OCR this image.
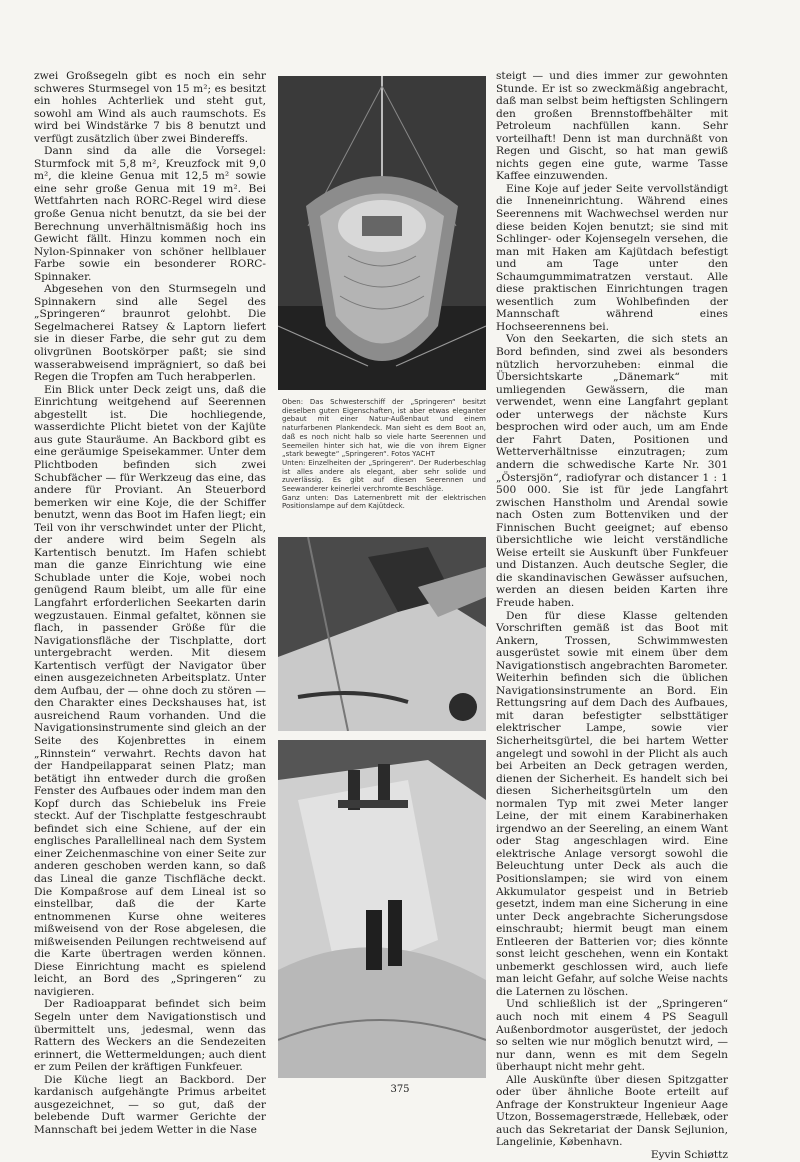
zwei Großsegeln gibt es noch ein sehr schweres Sturmsegel von 15 m²; es besitzt ein hohles Achterliek und steht gut, sowohl am Wind als auch raumschots. Es wird bei Windstärke 7 bis 8 benutzt und verfügt zusätzlich über zwei Bindereffs.

Dann sind da alle die Vorsegel: Sturmfock mit 5,8 m², Kreuzfock mit 9,0 m², die kleine Genua mit 12,5 m² sowie eine sehr große Genua mit 19 m². Bei Wettfahrten nach RORC-Regel wird diese große Genua nicht benutzt, da sie bei der Berechnung unverhältnismäßig hoch ins Gewicht fällt. Hinzu kommen noch ein Nylon-Spinnaker von schöner hellblauer Farbe sowie ein besonderer RORC-Spinnaker.

Abgesehen von den Sturmsegeln und Spinnakern sind alle Segel des „Springeren“ braunrot gelohbt. Die Segelmacherei Ratsey & Laptorn liefert sie in dieser Farbe, die sehr gut zu dem olivgrünen Bootskörper paßt; sie sind wasserabweisend imprägniert, so daß bei Regen die Tropfen am Tuch herabperlen.

Ein Blick unter Deck zeigt uns, daß die Einrichtung weitgehend auf Seerennen abgestellt ist. Die hochliegende, wasserdichte Plicht bietet von der Kajüte aus gute Stauräume. An Backbord gibt es eine geräumige Speisekammer. Unter dem Plichtboden befinden sich zwei Schubfächer — für Werkzeug das eine, das andere für Proviant. An Steuerbord bemerken wir eine Koje, die der Schiffer benutzt, wenn das Boot im Hafen liegt; ein Teil von ihr verschwindet unter der Plicht, der andere wird beim Segeln als Kartentisch benutzt. Im Hafen schiebt man die ganze Einrichtung wie eine Schublade unter die Koje, wobei noch genügend Raum bleibt, um alle für eine Langfahrt erforderlichen Seekarten darin wegzustauen. Einmal gefaltet, können sie flach, in passender Größe für die Navigationsfläche der Tischplatte, dort untergebracht werden. Mit diesem Kartentisch verfügt der Navigator über einen ausgezeichneten Arbeitsplatz. Unter dem Aufbau, der — ohne doch zu stören — den Charakter eines Deckshauses hat, ist ausreichend Raum vorhanden. Und die Navigationsinstrumente sind gleich an der Seite des Kojenbrettes in einem „Rinnstein“ verwahrt. Rechts davon hat der Handpeilapparat seinen Platz; man betätigt ihn entweder durch die großen Fenster des Aufbaues oder indem man den Kopf durch das Schiebeluk ins Freie steckt. Auf der Tischplatte festgeschraubt befindet sich eine Schiene, auf der ein englisches Parallellineal nach dem System einer Zeichenmaschine von einer Seite zur anderen geschoben werden kann, so daß das Lineal die ganze Tischfläche deckt. Die Kompaßrose auf dem Lineal ist so einstellbar, daß die der Karte entnommenen Kurse ohne weiteres mißweisend von der Rose abgelesen, die mißweisenden Peilungen rechtweisend auf die Karte übertragen werden können. Diese Einrichtung macht es spielend leicht, an Bord des „Springeren“ zu navigieren.

Der Radioapparat befindet sich beim Segeln unter dem Navigationstisch und übermittelt uns, jedesmal, wenn das Rattern des Weckers an die Sendezeiten erinnert, die Wettermeldungen; auch dient er zum Peilen der kräftigen Funkfeuer.

Die Küche liegt an Backbord. Der kardanisch aufgehängte Primus arbeitet ausgezeichnet, — so gut, daß der belebende Duft warmer Gerichte der Mannschaft bei jedem Wetter in die Nase

Oben: Das Schwesterschiff der „Springeren“ besitzt dieselben guten Eigenschaften, ist aber etwas eleganter gebaut mit einer Natur-Außenbaut und einem naturfarbenen Plankendeck. Man sieht es dem Boot an, daß es noch nicht halb so viele harte Seerennen und Seemeilen hinter sich hat, wie die von ihrem Eigner „stark bewegte“ „Springeren“. Fotos YACHT

Unten: Einzelheiten der „Springeren“. Der Ruderbeschlag ist alles andere als elegant, aber sehr solide und zuverlässig. Es gibt auf diesen Seerennen und Seewanderer keinerlei verchromte Beschläge.

Ganz unten: Das Laternenbrett mit der elektrischen Positionslampe auf dem Kajütdeck.

steigt — und dies immer zur gewohnten Stunde. Er ist so zweckmäßig angebracht, daß man selbst beim heftigsten Schlingern den großen Brennstoffbehälter mit Petroleum nachfüllen kann. Sehr vorteilhaft! Denn ist man durchnäßt von Regen und Gischt, so hat man gewiß nichts gegen eine gute, warme Tasse Kaffee einzuwenden.

Eine Koje auf jeder Seite vervollständigt die Inneneinrichtung. Während eines Seerennens mit Wachwechsel werden nur diese beiden Kojen benutzt; sie sind mit Schlinger- oder Kojensegeln versehen, die man mit Haken am Kajütdach befestigt und am Tage unter den Schaumgummimatratzen verstaut. Alle diese praktischen Einrichtungen tragen wesentlich zum Wohlbefinden der Mannschaft während eines Hochseerennens bei.

Von den Seekarten, die sich stets an Bord befinden, sind zwei als besonders nützlich hervorzuheben: einmal die Übersichtskarte „Dänemark“ mit umliegenden Gewässern, die man verwendet, wenn eine Langfahrt geplant oder unterwegs der nächste Kurs besprochen wird oder auch, um am Ende der Fahrt Daten, Positionen und Wetterverhältnisse einzutragen; zum andern die schwedische Karte Nr. 301 „Östersjön“, radiofyrar och distancer 1 : 1 500 000. Sie ist für jede Langfahrt zwischen Hanstholm und Arendal sowie nach Osten zum Bottenviken und der Finnischen Bucht geeignet; auf ebenso übersichtliche wie leicht verständliche Weise erteilt sie Auskunft über Funkfeuer und Distanzen. Auch deutsche Segler, die die skandinavischen Gewässer aufsuchen, werden an diesen beiden Karten ihre Freude haben.

Den für diese Klasse geltenden Vorschriften gemäß ist das Boot mit Ankern, Trossen, Schwimmwesten ausgerüstet sowie mit einem über dem Navigationstisch angebrachten Barometer. Weiterhin befinden sich die üblichen Navigationsinstrumente an Bord. Ein Rettungsring auf dem Dach des Aufbaues, mit daran befestigter selbsttätiger elektrischer Lampe, sowie vier Sicherheitsgürtel, die bei hartem Wetter angelegt und sowohl in der Plicht als auch bei Arbeiten an Deck getragen werden, dienen der Sicherheit. Es handelt sich bei diesen Sicherheitsgürteln um den normalen Typ mit zwei Meter langer Leine, der mit einem Karabinerhaken irgendwo an der Seereling, an einem Want oder Stag angeschlagen wird. Eine elektrische Anlage versorgt sowohl die Beleuchtung unter Deck als auch die Positionslampen; sie wird von einem Akkumulator gespeist und in Betrieb gesetzt, indem man eine Sicherung in eine unter Deck angebrachte Sicherungsdose einschraubt; hiermit beugt man einem Entleeren der Batterien vor; dies könnte sonst leicht geschehen, wenn ein Kontakt unbemerkt geschlossen wird, auch liefe man leicht Gefahr, auf solche Weise nachts die Laternen zu löschen.

Und schließlich ist der „Springeren“ auch noch mit einem 4 PS Seagull Außenbordmotor ausgerüstet, der jedoch so selten wie nur möglich benutzt wird, — nur dann, wenn es mit dem Segeln überhaupt nicht mehr geht.

Alle Auskünfte über diesen Spitzgatter oder über ähnliche Boote erteilt auf Anfrage der Konstrukteur Ingenieur Aage Utzon, Bossemagerstræde, Hellebæk, oder auch das Sekretariat der Dansk Sejlunion, Langelinie, København.

Eyvin Schiøttz

375
